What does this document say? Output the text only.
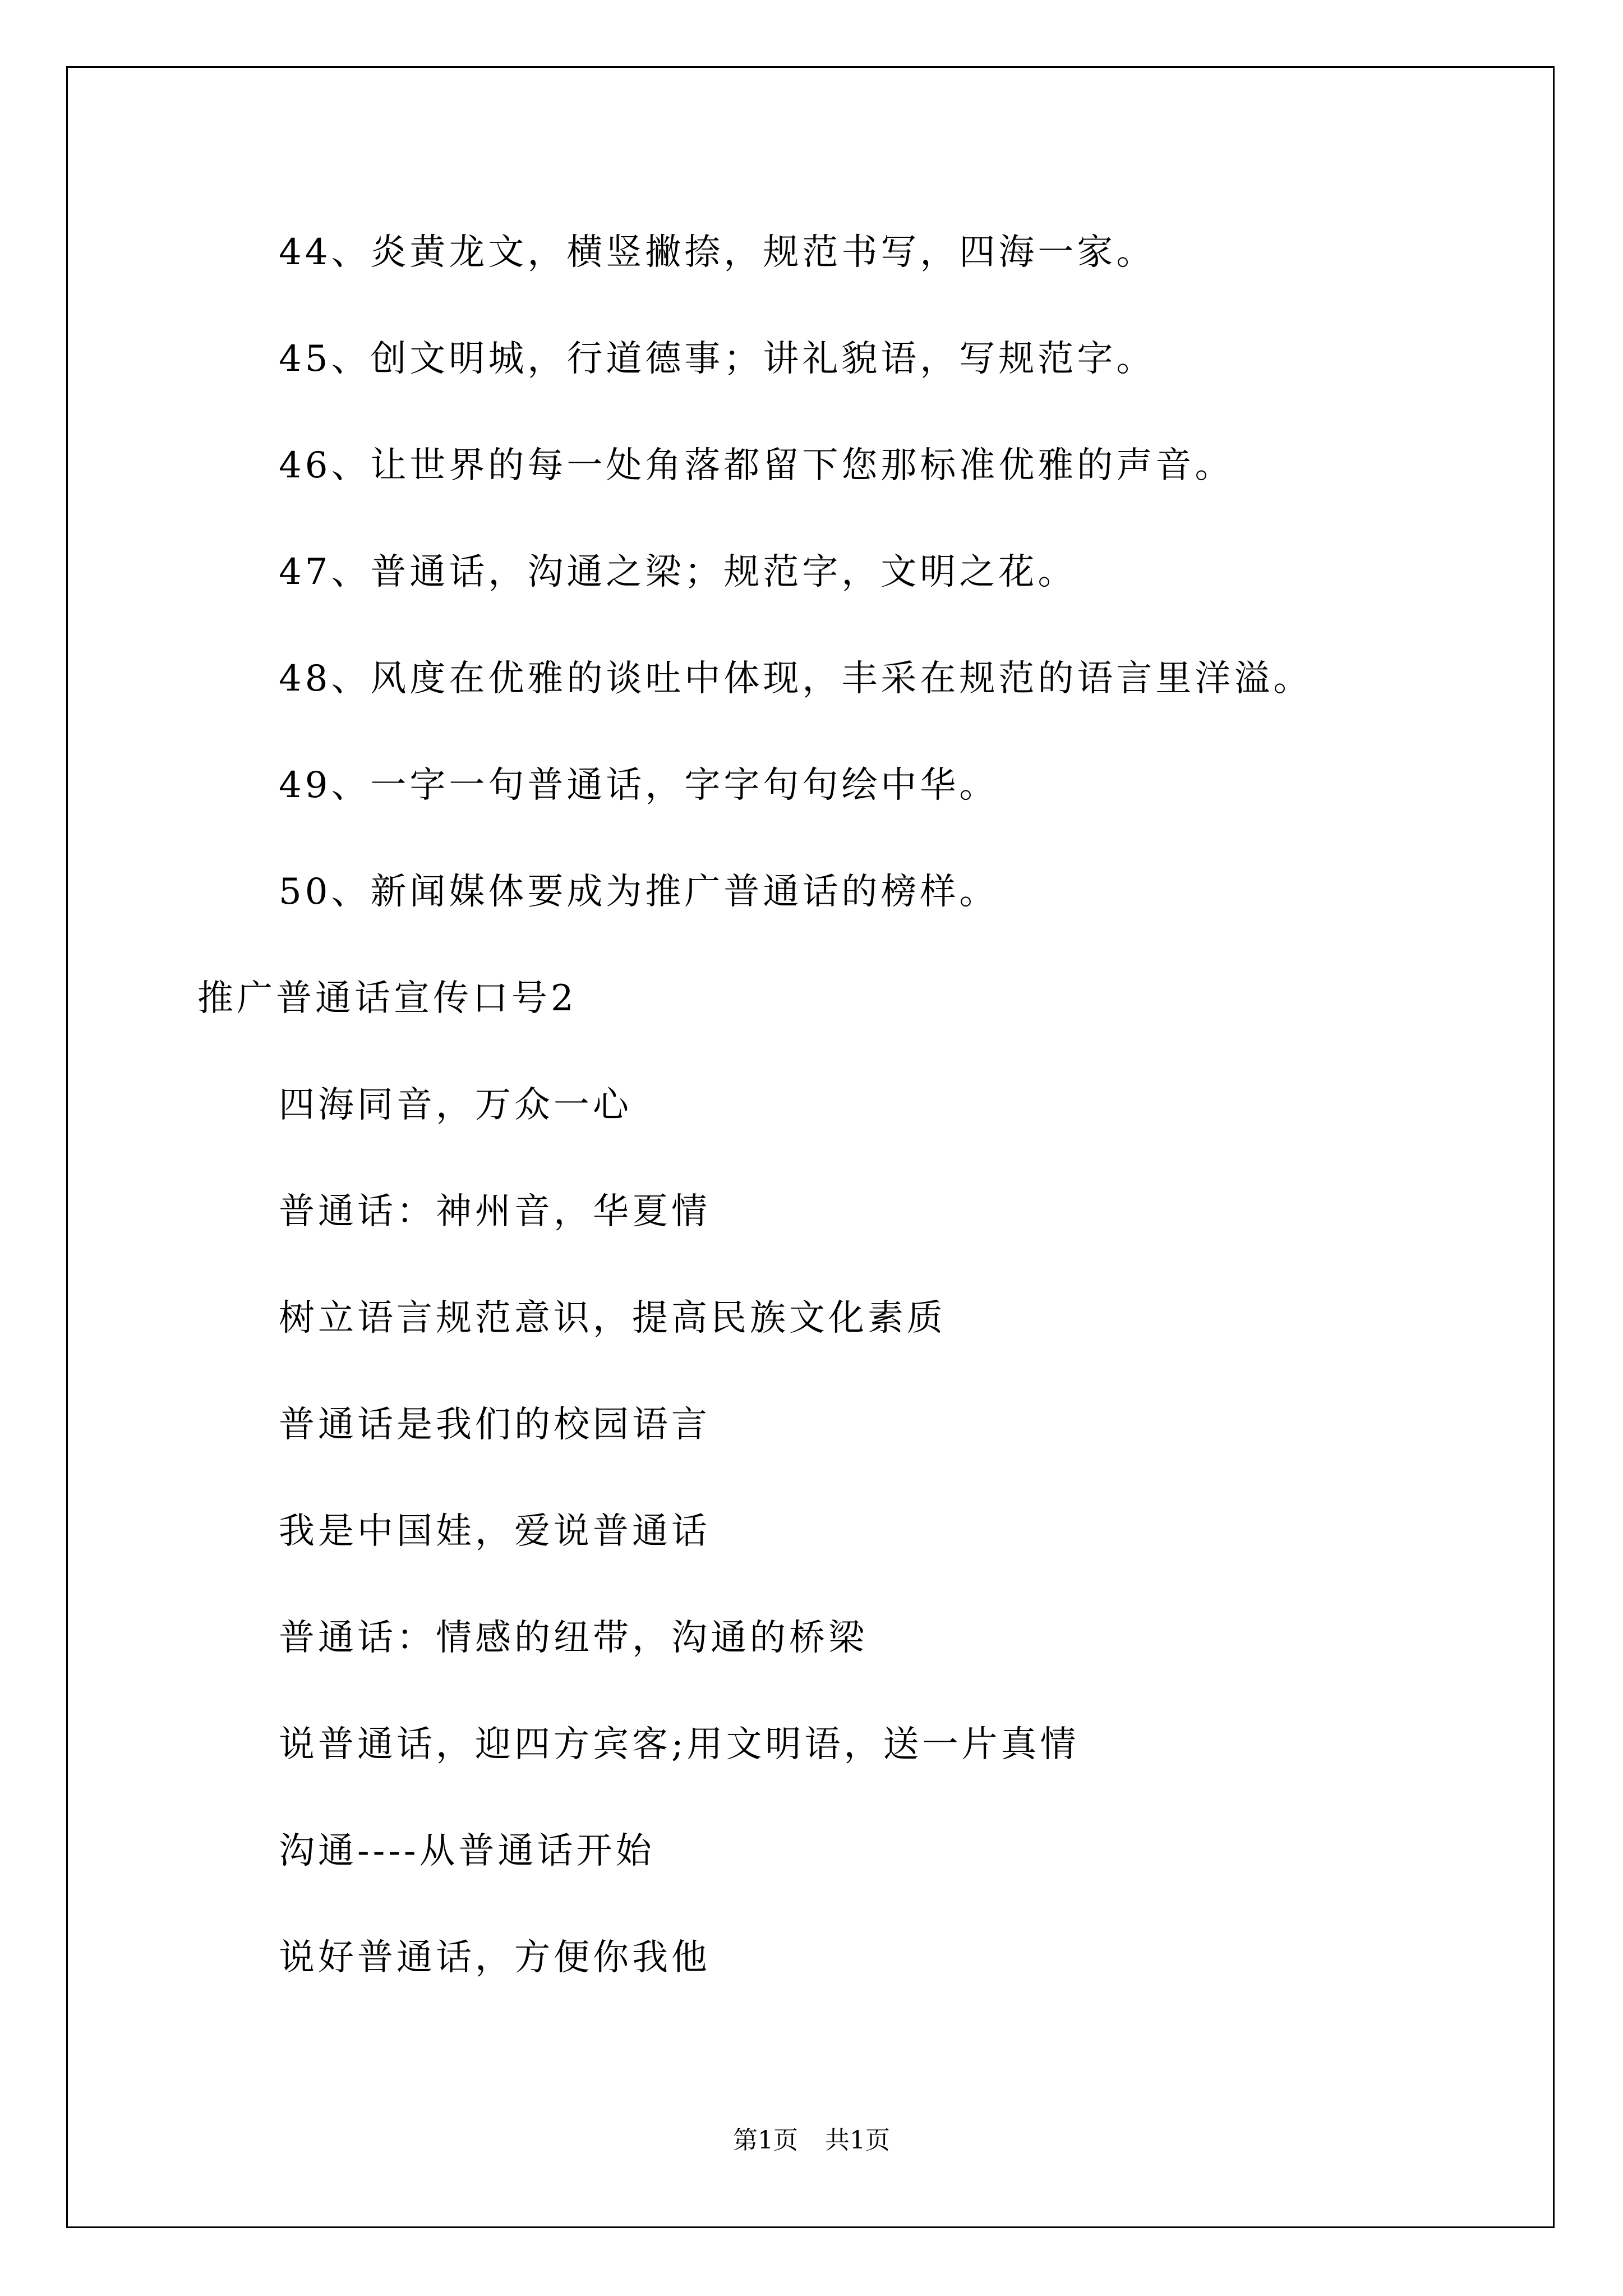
44、炎黄龙文，横竖撇捺，规范书写，四海一家。
45、创文明城，行道德事；讲礼貌语，写规范字。
46、让世界的每一处角落都留下您那标准优雅的声音。
47、普通话，沟通之梁；规范字，文明之花。
48、风度在优雅的谈吐中体现，丰采在规范的语言里洋溢。
49、一字一句普通话，字字句句绘中华。
50、新闻媒体要成为推广普通话的榜样。
推广普通话宣传口号2
四海同音，万众一心
普通话：神州音，华夏情
树立语言规范意识，提高民族文化素质
普通话是我们的校园语言
我是中国娃，爱说普通话
普通话：情感的纽带，沟通的桥梁
说普通话，迎四方宾客;用文明语，送一片真情
沟通----从普通话开始
说好普通话，方便你我他
第1页 共1页
